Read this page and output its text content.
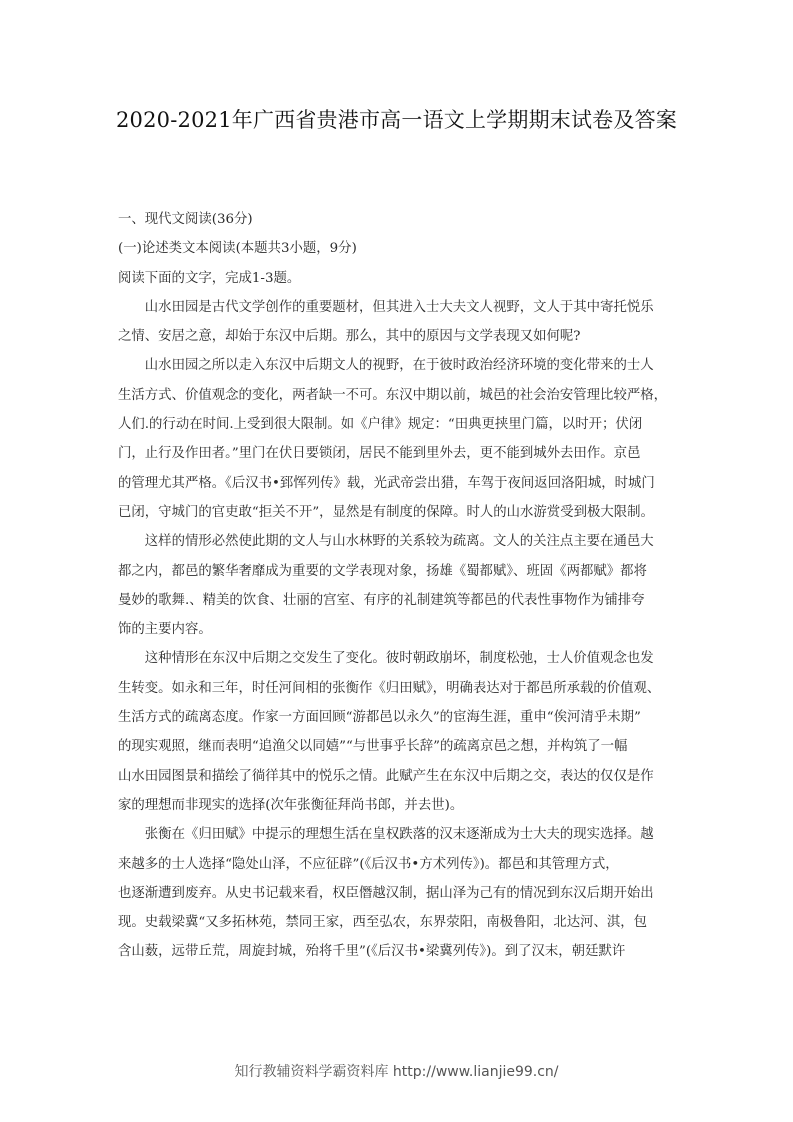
2020-2021年广西省贵港市高一语文上学期期末试卷及答案
一、现代文阅读(36分)
(一)论述类文本阅读(本题共3小题，9分)
阅读下面的文字，完成1-3题。
山水田园是古代文学创作的重要题材，但其进入士大夫文人视野，文人于其中寄托悦乐
之情、安居之意，却始于东汉中后期。那么，其中的原因与文学表现又如何呢?
山水田园之所以走入东汉中后期文人的视野，在于彼时政治经济环境的变化带来的士人
生活方式、价值观念的变化，两者缺一不可。东汉中期以前，城邑的社会治安管理比较严格，
人们.的行动在时间.上受到很大限制。如《户律》规定：“田典更挟里门篇，以时开；伏闭
门，止行及作田者。”里门在伏日要锁闭，居民不能到里外去，更不能到城外去田作。京邑
的管理尤其严格。《后汉书•郅恽列传》载，光武帝尝出猎，车驾于夜间返回洛阳城，时城门
已闭，守城门的官吏敢“拒关不开”，显然是有制度的保障。时人的山水游赏受到极大限制。
这样的情形必然使此期的文人与山水林野的关系较为疏离。文人的关注点主要在通邑大
都之内，都邑的繁华奢靡成为重要的文学表现对象，扬雄《蜀都赋》、班固《两都赋》都将
曼妙的歌舞.、精美的饮食、壮丽的宫室、有序的礼制建筑等都邑的代表性事物作为铺排夸
饰的主要内容。
这种情形在东汉中后期之交发生了变化。彼时朝政崩坏，制度松弛，士人价值观念也发
生转变。如永和三年，时任河间相的张衡作《归田赋》，明确表达对于都邑所承载的价值观、
生活方式的疏离态度。作家一方面回顾“游都邑以永久”的宦海生涯，重申“俟河清乎未期”
的现实观照，继而表明“追渔父以同嬉”“与世事乎长辞”的疏离京邑之想，并构筑了一幅
山水田园图景和描绘了徜徉其中的悦乐之情。此赋产生在东汉中后期之交，表达的仅仅是作
家的理想而非现实的选择(次年张衡征拜尚书郎，并去世)。
张衡在《归田赋》中提示的理想生活在皇权跌落的汉末逐渐成为士大夫的现实选择。越
来越多的士人选择“隐处山泽，不应征辟”(《后汉书•方术列传》)。都邑和其管理方式，
也逐渐遭到废弃。从史书记载来看，权臣僭越汉制，据山泽为己有的情况到东汉后期开始出
现。史载梁冀“又多拓林苑，禁同王家，西至弘农，东界荥阳，南极鲁阳，北达河、淇，包
含山薮，远带丘荒，周旋封城，殆将千里”(《后汉书•梁冀列传》)。到了汉末，朝廷默许
知行教辅资料学霸资料库 http://www.lianjie99.cn/
